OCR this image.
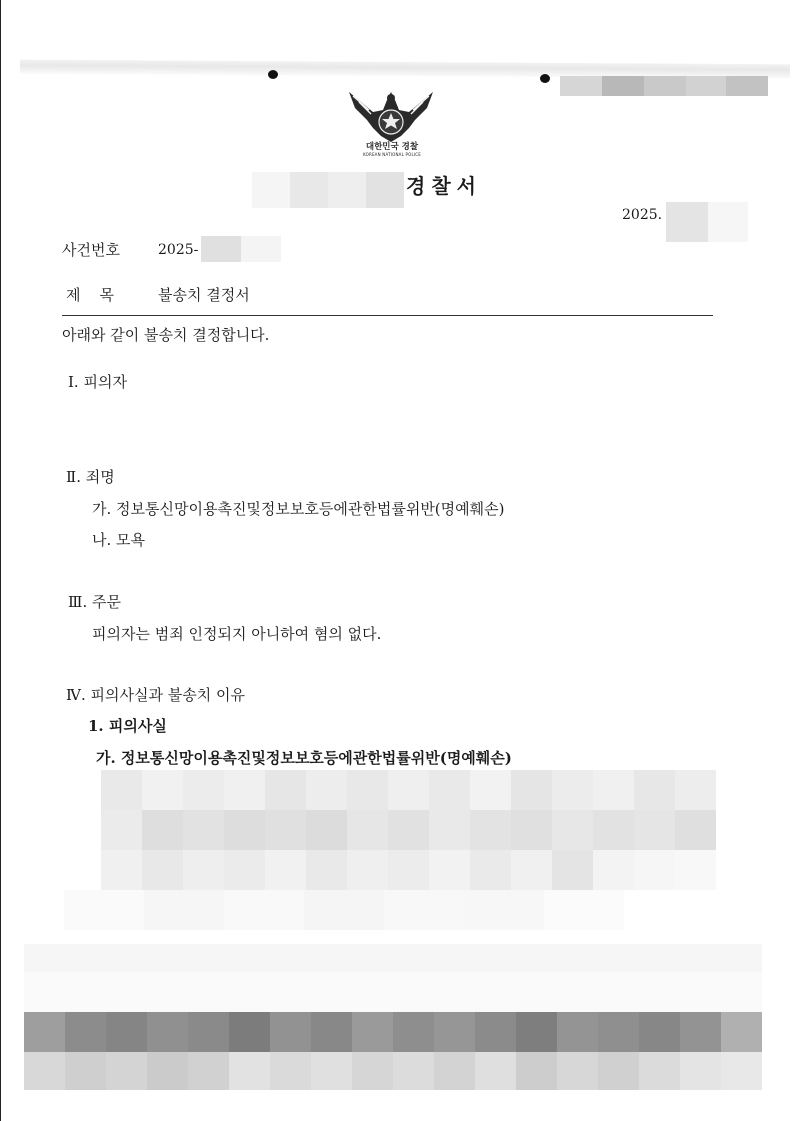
대한민국 경찰
KOREAN NATIONAL POLICE
경찰서
2025.
사건번호	2025-
제　목	불송치 결정서
아래와 같이 불송치 결정합니다.
Ⅰ. 피의자
Ⅱ. 죄명
가. 정보통신망이용촉진및정보보호등에관한법률위반(명예훼손)
나. 모욕
Ⅲ. 주문
피의자는 범죄 인정되지 아니하여 혐의 없다.
Ⅳ. 피의사실과 불송치 이유
1. 피의사실
가. 정보통신망이용촉진및정보보호등에관한법률위반(명예훼손)
